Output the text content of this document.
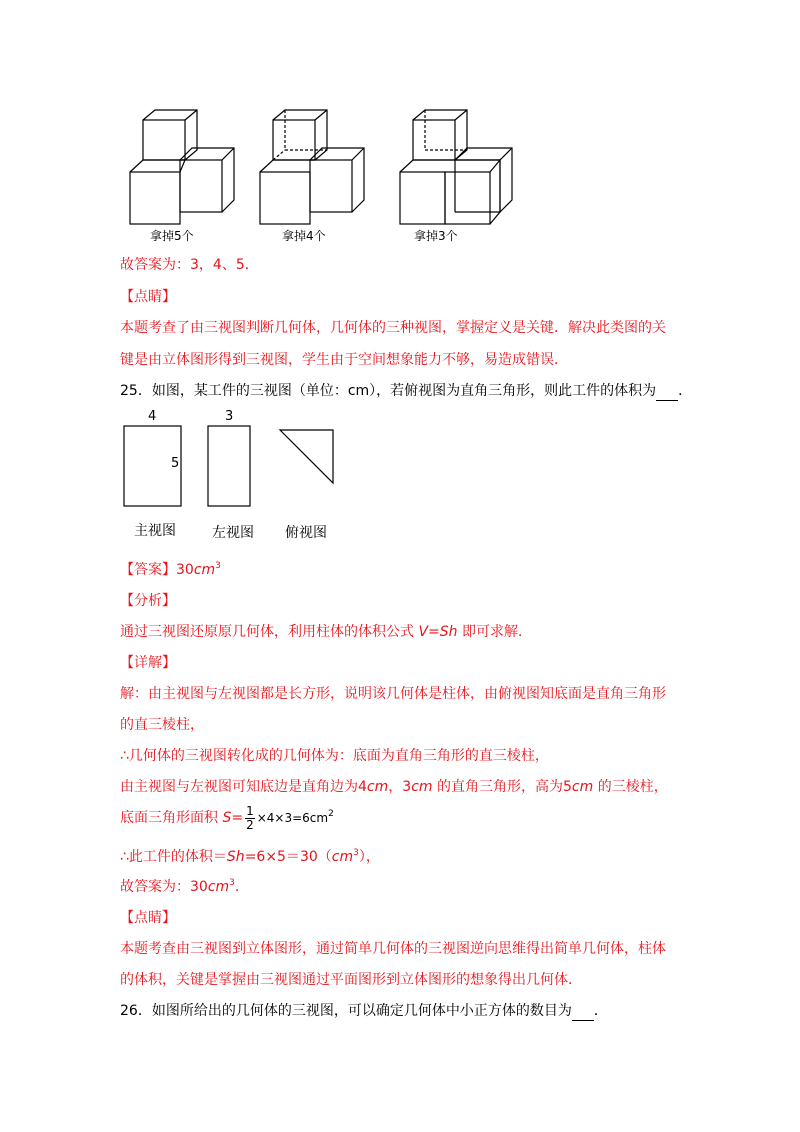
拿掉5个	拿掉4个	拿掉3个
故答案为：3，4、5．
【点睛】
本题考查了由三视图判断几何体，几何体的三种视图，掌握定义是关键．解决此类图的关
键是由立体图形得到三视图，学生由于空间想象能力不够，易造成错误．
25．如图，某工件的三视图（单位：cm），若俯视图为直角三角形，则此工件的体积为 ．
4
5
3
主视图	左视图 俯视图
【答案】$30cm^3$
【分析】
通过三视图还原原几何体，利用柱体的体积公式 V=Sh 即可求解．
【详解】
解：由主视图与左视图都是长方形，说明该几何体是柱体，由俯视图知底面是直角三角形
的直三棱柱，
∴几何体的三视图转化成的几何体为：底面为直角三角形的直三棱柱，
由主视图与左视图可知底边是直角边为4cm，3cm 的直角三角形，高为5cm 的三棱柱，
底面三角形面积 $S= \frac{1}{2} \times 4\times 3=6cm^2$
∴此工件的体积$=Sh=6\times 5=30(cm^3)$，
故答案为：$30cm^3$.
【点睛】
本题考查由三视图到立体图形，通过简单几何体的三视图逆向思维得出简单几何体，柱体
的体积，关键是掌握由三视图通过平面图形到立体图形的想象得出几何体．
26．如图所给出的几何体的三视图，可以确定几何体中小正方体的数目为 ．
